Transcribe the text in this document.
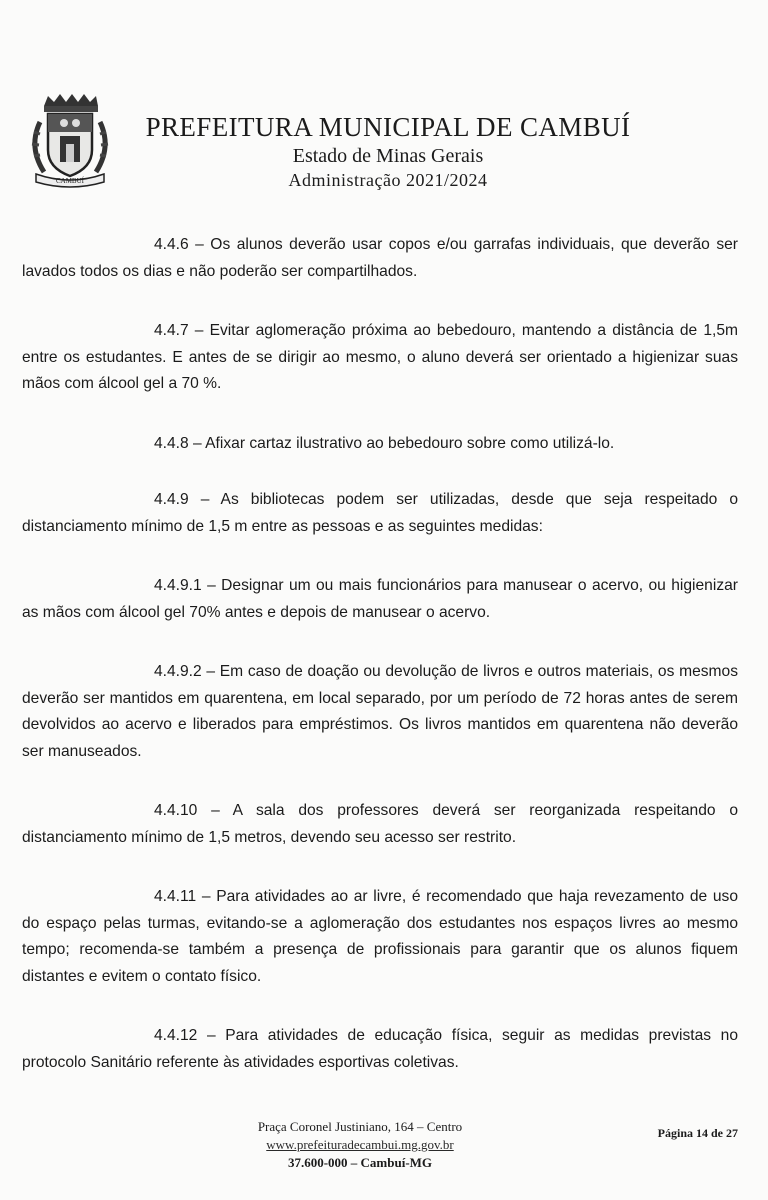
CAMBUÍ
PREFEITURA MUNICIPAL DE CAMBUÍ
Estado de Minas Gerais
Administração 2021/2024

4.4.6 – Os alunos deverão usar copos e/ou garrafas individuais, que deverão ser lavados todos os dias e não poderão ser compartilhados.

4.4.7 – Evitar aglomeração próxima ao bebedouro, mantendo a distância de 1,5m entre os estudantes. E antes de se dirigir ao mesmo, o aluno deverá ser orientado a higienizar suas mãos com álcool gel a 70 %.

4.4.8 – Afixar cartaz ilustrativo ao bebedouro sobre como utilizá-lo.

4.4.9 – As bibliotecas podem ser utilizadas, desde que seja respeitado o distanciamento mínimo de 1,5 m entre as pessoas e as seguintes medidas:

4.4.9.1 – Designar um ou mais funcionários para manusear o acervo, ou higienizar as mãos com álcool gel 70% antes e depois de manusear o acervo.

4.4.9.2 – Em caso de doação ou devolução de livros e outros materiais, os mesmos deverão ser mantidos em quarentena, em local separado, por um período de 72 horas antes de serem devolvidos ao acervo e liberados para empréstimos. Os livros mantidos em quarentena não deverão ser manuseados.

4.4.10 – A sala dos professores deverá ser reorganizada respeitando o distanciamento mínimo de 1,5 metros, devendo seu acesso ser restrito.

4.4.11 – Para atividades ao ar livre, é recomendado que haja revezamento de uso do espaço pelas turmas, evitando-se a aglomeração dos estudantes nos espaços livres ao mesmo tempo; recomenda-se também a presença de profissionais para garantir que os alunos fiquem distantes e evitem o contato físico.

4.4.12 – Para atividades de educação física, seguir as medidas previstas no protocolo Sanitário referente às atividades esportivas coletivas.

Praça Coronel Justiniano, 164 – Centro
www.prefeituradecambui.mg.gov.br
37.600-000 – Cambuí-MG
Página 14 de 27
